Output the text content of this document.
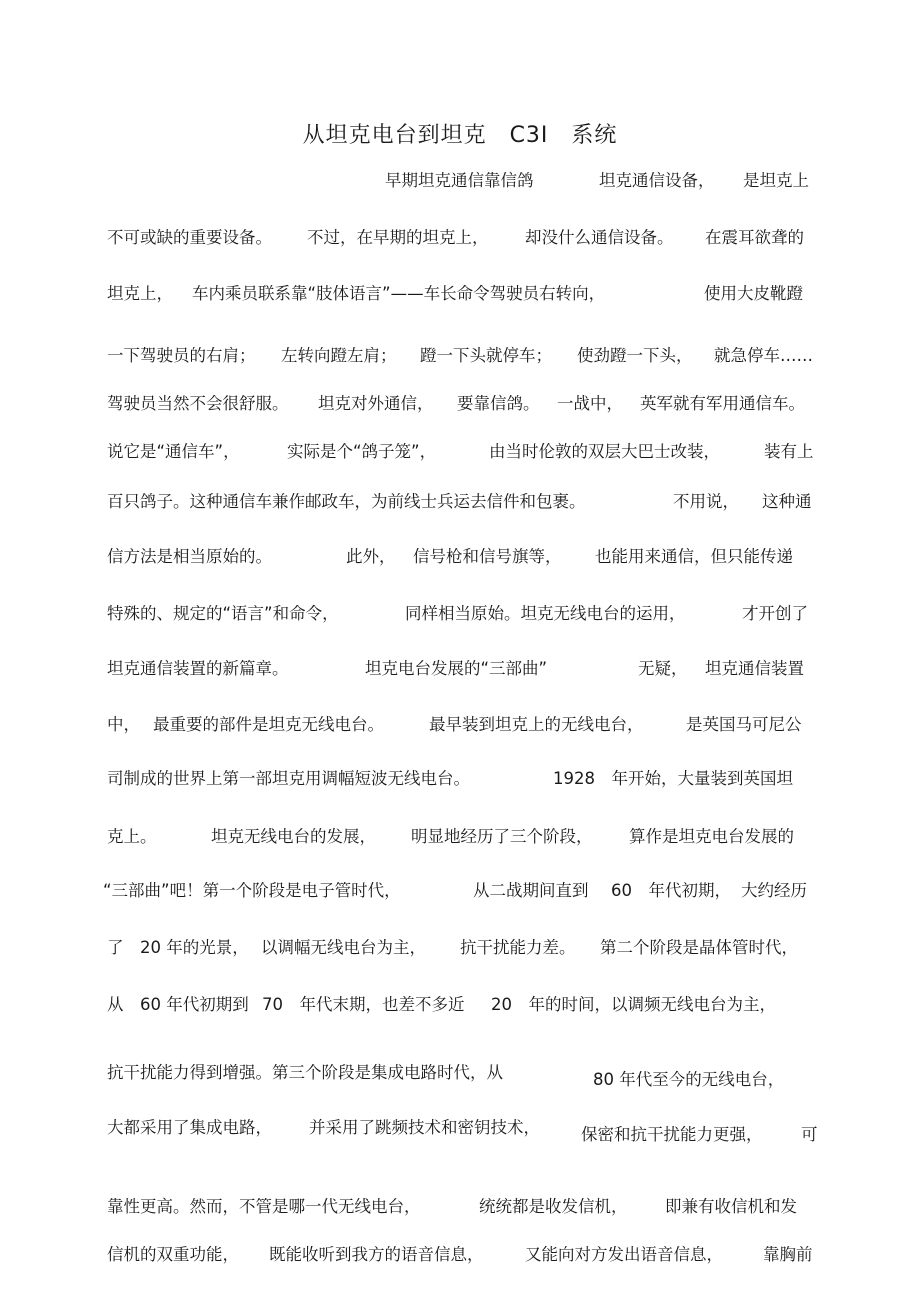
从坦克电台到坦克　C3I　系统
早期坦克通信靠信鸽	坦克通信设备， 是坦克上
不可或缺的重要设备。 不过，在早期的坦克上， 却没什么通信设备。 在震耳欲聋的
坦克上， 车内乘员联系靠“肢体语言”——车长命令驾驶员右转向，	使用大皮靴蹬
一下驾驶员的右肩； 左转向蹬左肩； 蹬一下头就停车； 使劲蹬一下头， 就急停车……
驾驶员当然不会很舒服。 坦克对外通信， 要靠信鸽。 一战中， 英军就有军用通信车。
说它是“通信车”，	实际是个“鸽子笼”，	由当时伦敦的双层大巴士改装，	装有上
百只鸽子。这种通信车兼作邮政车，为前线士兵运去信件和包裹。	不用说， 这种通
信方法是相当原始的。	此外， 信号枪和信号旗等， 也能用来通信，但只能传递
特殊的、规定的“语言”和命令，	同样相当原始。坦克无线电台的运用，	才开创了
坦克通信装置的新篇章。	坦克电台发展的“三部曲”	无疑， 坦克通信装置
中， 最重要的部件是坦克无线电台。	最早装到坦克上的无线电台，	是英国马可尼公
司制成的世界上第一部坦克用调幅短波无线电台。	1928　年开始，大量装到英国坦
克上。	坦克无线电台的发展， 明显地经历了三个阶段， 算作是坦克电台发展的
“三部曲”吧！第一个阶段是电子管时代，	从二战期间直到 60　年代初期， 大约经历
了　20 年的光景， 以调幅无线电台为主， 抗干扰能力差。 第二个阶段是晶体管时代，
从　60 年代初期到 70　年代末期，也差不多近 20　年的时间，以调频无线电台为主，
抗干扰能力得到增强。第三个阶段是集成电路时代，从	80 年代至今的无线电台，
大都采用了集成电路， 并采用了跳频技术和密钥技术， 保密和抗干扰能力更强， 可
靠性更高。然而，不管是哪一代无线电台，	统统都是收发信机， 即兼有收信机和发
信机的双重功能， 既能收听到我方的语音信息，	又能向对方发出语音信息， 靠胸前
